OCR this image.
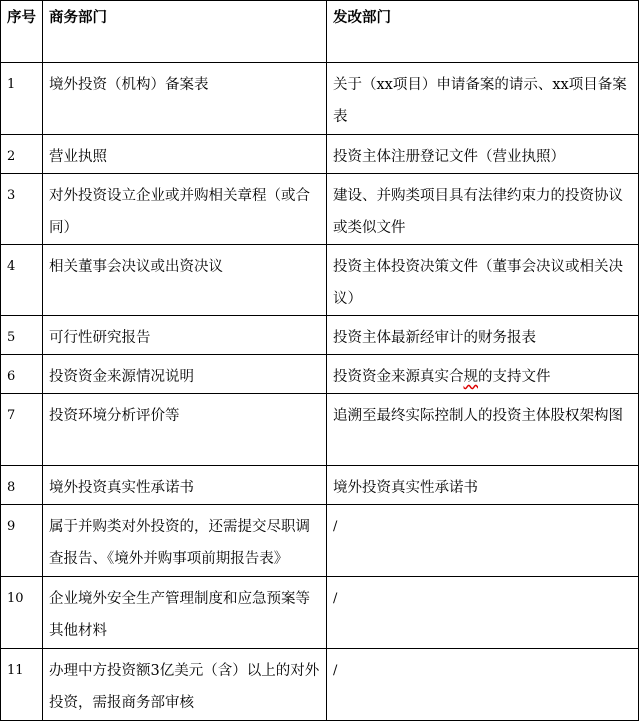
序号	商务部门	发改部门
1	境外投资（机构）备案表	关于（xx项目）申请备案的请示、xx项目备案表
2	营业执照	投资主体注册登记文件（营业执照）
3	对外投资设立企业或并购相关章程（或合同）	建设、并购类项目具有法律约束力的投资协议或类似文件
4	相关董事会决议或出资决议	投资主体投资决策文件（董事会决议或相关决议）
5	可行性研究报告	投资主体最新经审计的财务报表
6	投资资金来源情况说明	投资资金来源真实合规的支持文件
7	投资环境分析评价等	追溯至最终实际控制人的投资主体股权架构图
8	境外投资真实性承诺书	境外投资真实性承诺书
9	属于并购类对外投资的，还需提交尽职调查报告、《境外并购事项前期报告表》	/
10	企业境外安全生产管理制度和应急预案等其他材料	/
11	办理中方投资额3亿美元（含）以上的对外投资，需报商务部审核	/
